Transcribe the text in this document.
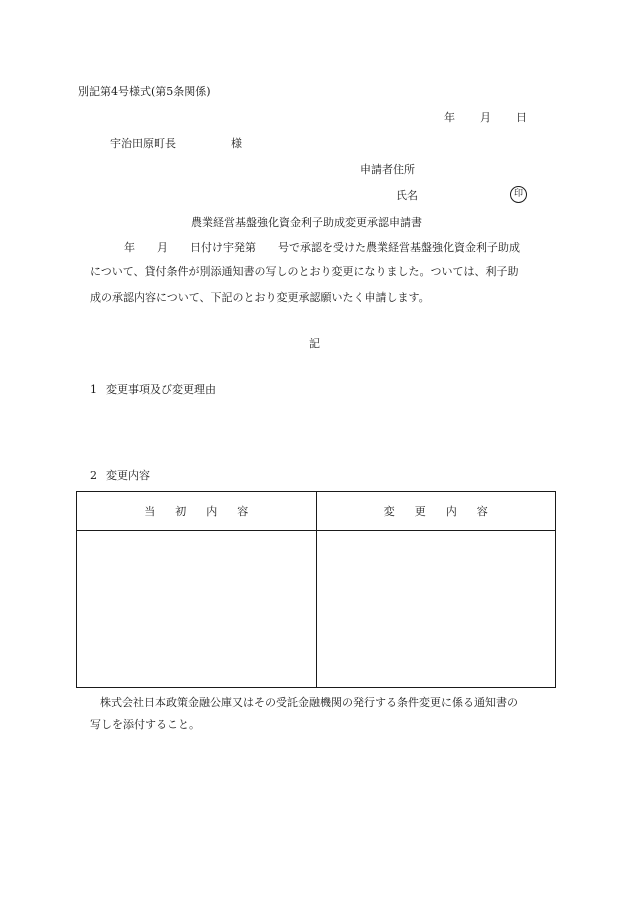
別記第4号様式(第5条関係)
年 月 日
宇治田原町長	様
申請者住所
氏名	印
農業経営基盤強化資金利子助成変更承認申請書
年　　月　　日付け宇発第　　号で承認を受けた農業経営基盤強化資金利子助成
について、貸付条件が別添通知書の写しのとおり変更になりました。ついては、利子助
成の承認内容について、下記のとおり変更承認願いたく申請します。
記
1 変更事項及び変更理由
2 変更内容
当初内容	変更内容

株式会社日本政策金融公庫又はその受託金融機関の発行する条件変更に係る通知書の
写しを添付すること。
